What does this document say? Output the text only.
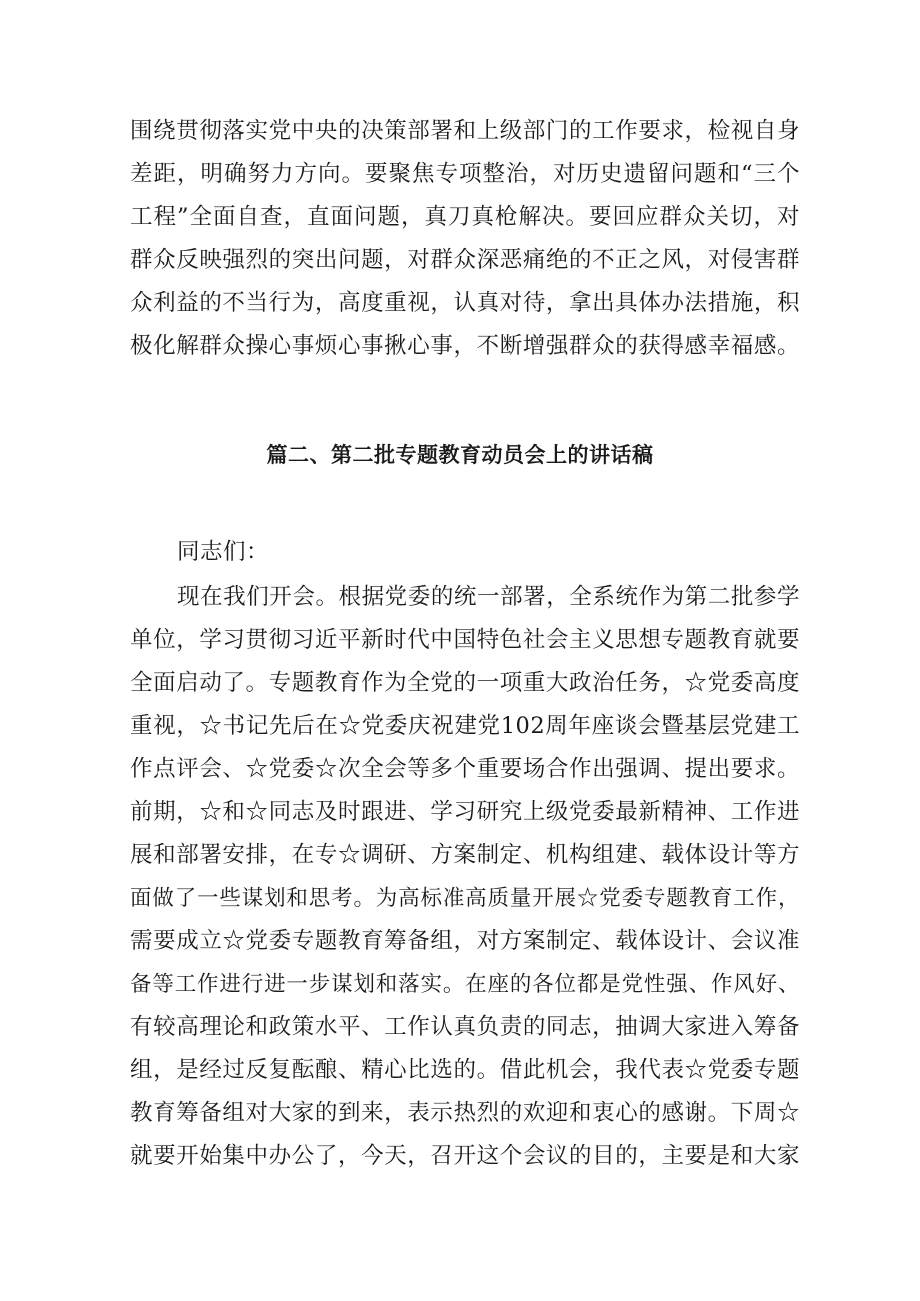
围绕贯彻落实党中央的决策部署和上级部门的工作要求，检视自身
差距，明确努力方向。要聚焦专项整治，对历史遗留问题和“三个
工程”全面自查，直面问题，真刀真枪解决。要回应群众关切，对
群众反映强烈的突出问题，对群众深恶痛绝的不正之风，对侵害群
众利益的不当行为，高度重视，认真对待，拿出具体办法措施，积
极化解群众操心事烦心事揪心事，不断增强群众的获得感幸福感。
篇二、第二批专题教育动员会上的讲话稿
同志们：
现在我们开会。根据党委的统一部署，全系统作为第二批参学
单位，学习贯彻习近平新时代中国特色社会主义思想专题教育就要
全面启动了。专题教育作为全党的一项重大政治任务，☆党委高度
重视，☆书记先后在☆党委庆祝建党102周年座谈会暨基层党建工
作点评会、☆党委☆次全会等多个重要场合作出强调、提出要求。
前期，☆和☆同志及时跟进、学习研究上级党委最新精神、工作进
展和部署安排，在专☆调研、方案制定、机构组建、载体设计等方
面做了一些谋划和思考。为高标准高质量开展☆党委专题教育工作，
需要成立☆党委专题教育筹备组，对方案制定、载体设计、会议准
备等工作进行进一步谋划和落实。在座的各位都是党性强、作风好、
有较高理论和政策水平、工作认真负责的同志，抽调大家进入筹备
组，是经过反复酝酿、精心比选的。借此机会，我代表☆党委专题
教育筹备组对大家的到来，表示热烈的欢迎和衷心的感谢。下周☆
就要开始集中办公了，今天，召开这个会议的目的，主要是和大家
